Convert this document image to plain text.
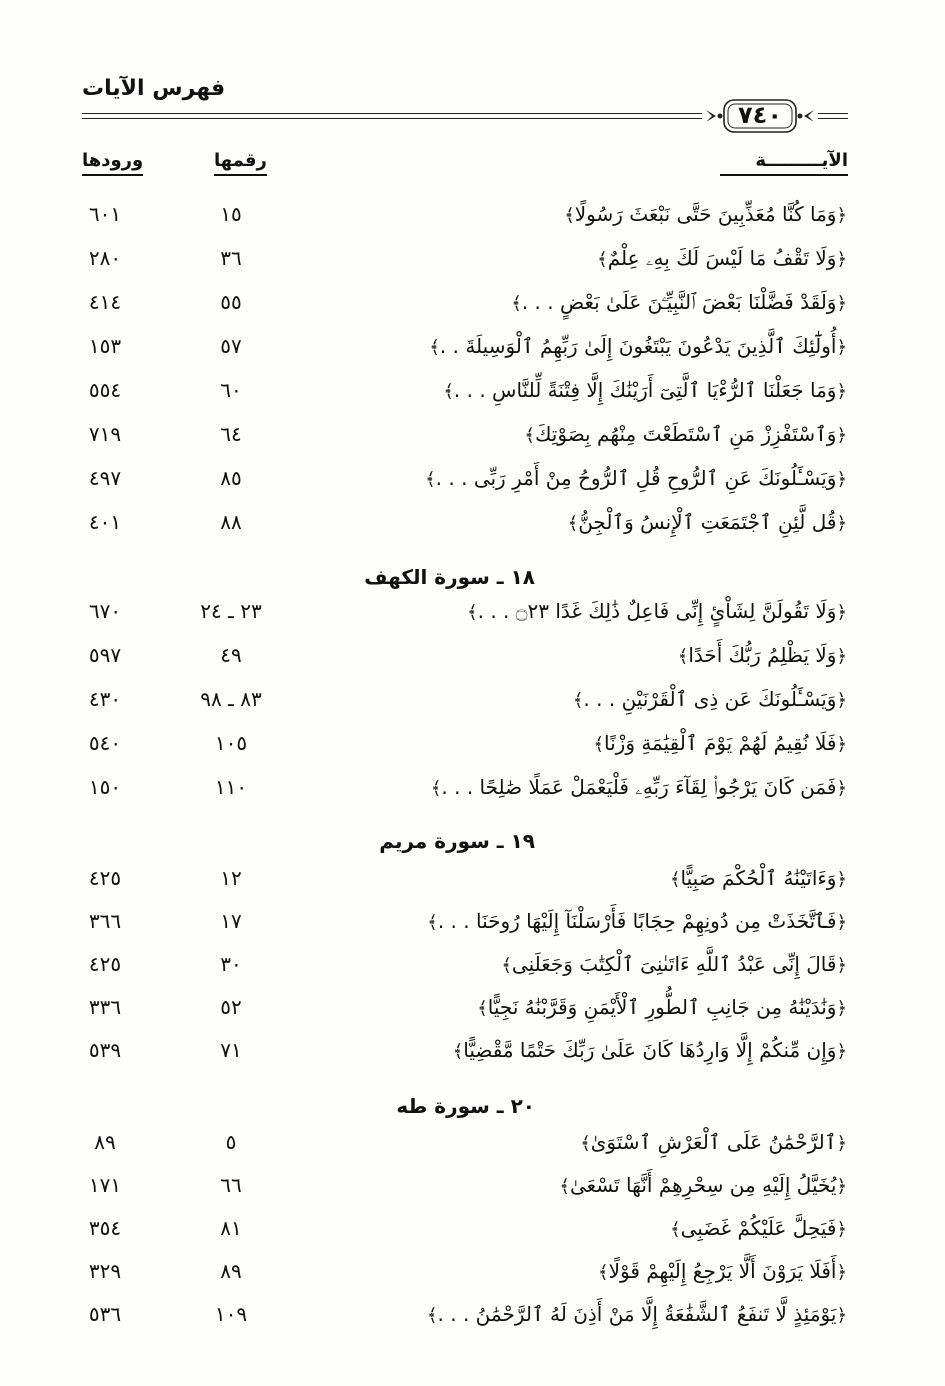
فهرس الآيات
٧٤٠
الآيـــــــــة
رقمها
ورودها
﴿وَمَا كُنَّا مُعَذِّبِينَ حَتَّى نَبْعَثَ رَسُولًا﴾
١٥
٦٠١
﴿وَلَا تَقْفُ مَا لَيْسَ لَكَ بِهِۦ عِلْمٌ﴾
٣٦
٢٨٠
﴿وَلَقَدْ فَضَّلْنَا بَعْضَ ٱلنَّبِيِّـۧنَ عَلَىٰ بَعْضٍ . . .﴾
٥٥
٤١٤
﴿أُولَٰٓئِكَ ٱلَّذِينَ يَدْعُونَ يَبْتَغُونَ إِلَىٰ رَبِّهِمُ ٱلْوَسِيلَةَ . .﴾
٥٧
١٥٣
﴿وَمَا جَعَلْنَا ٱلرُّءْيَا ٱلَّتِىٓ أَرَيْنَٰكَ إِلَّا فِتْنَةً لِّلنَّاسِ . . .﴾
٦٠
٥٥٤
﴿وَٱسْتَفْزِزْ مَنِ ٱسْتَطَعْتَ مِنْهُم بِصَوْتِكَ﴾
٦٤
٧١٩
﴿وَيَسْـَٔلُونَكَ عَنِ ٱلرُّوحِ قُلِ ٱلرُّوحُ مِنْ أَمْرِ رَبِّى . . .﴾
٨٥
٤٩٧
﴿قُل لَّئِنِ ٱجْتَمَعَتِ ٱلْإِنسُ وَٱلْجِنُّ﴾
٨٨
٤٠١
١٨ ـ سورة الكهف
﴿وَلَا تَقُولَنَّ لِشَاْئٍ إِنِّى فَاعِلٌ ذَٰلِكَ غَدًا ۝٢٣ . . .﴾
٢٣ ـ ٢٤
٦٧٠
﴿وَلَا يَظْلِمُ رَبُّكَ أَحَدًا﴾
٤٩
٥٩٧
﴿وَيَسْـَٔلُونَكَ عَن ذِى ٱلْقَرْنَيْنِ . . .﴾
٨٣ ـ ٩٨
٤٣٠
﴿فَلَا نُقِيمُ لَهُمْ يَوْمَ ٱلْقِيَٰمَةِ وَزْنًا﴾
١٠٥
٥٤٠
﴿فَمَن كَانَ يَرْجُوا۟ لِقَآءَ رَبِّهِۦ فَلْيَعْمَلْ عَمَلًا صَٰلِحًا . . .﴾
١١٠
١٥٠
١٩ ـ سورة مريم
﴿وَءَاتَيْنَٰهُ ٱلْحُكْمَ صَبِيًّا﴾
١٢
٤٢٥
﴿فَٱتَّخَذَتْ مِن دُونِهِمْ حِجَابًا فَأَرْسَلْنَآ إِلَيْهَا رُوحَنَا . . .﴾
١٧
٣٦٦
﴿قَالَ إِنِّى عَبْدُ ٱللَّهِ ءَاتَىٰنِىَ ٱلْكِتَٰبَ وَجَعَلَنِى﴾
٣٠
٤٢٥
﴿وَنَٰدَيْنَٰهُ مِن جَانِبِ ٱلطُّورِ ٱلْأَيْمَنِ وَقَرَّبْنَٰهُ نَجِيًّا﴾
٥٢
٣٣٦
﴿وَإِن مِّنكُمْ إِلَّا وَارِدُهَا كَانَ عَلَىٰ رَبِّكَ حَتْمًا مَّقْضِيًّا﴾
٧١
٥٣٩
٢٠ ـ سورة طه
﴿ٱلرَّحْمَٰنُ عَلَى ٱلْعَرْشِ ٱسْتَوَىٰ﴾
٥
٨٩
﴿يُخَيَّلُ إِلَيْهِ مِن سِحْرِهِمْ أَنَّهَا تَسْعَىٰ﴾
٦٦
١٧١
﴿فَيَحِلَّ عَلَيْكُمْ غَضَبِى﴾
٨١
٣٥٤
﴿أَفَلَا يَرَوْنَ أَلَّا يَرْجِعُ إِلَيْهِمْ قَوْلًا﴾
٨٩
٣٢٩
﴿يَوْمَئِذٍ لَّا تَنفَعُ ٱلشَّفَٰعَةُ إِلَّا مَنْ أَذِنَ لَهُ ٱلرَّحْمَٰنُ . . .﴾
١٠٩
٥٣٦
